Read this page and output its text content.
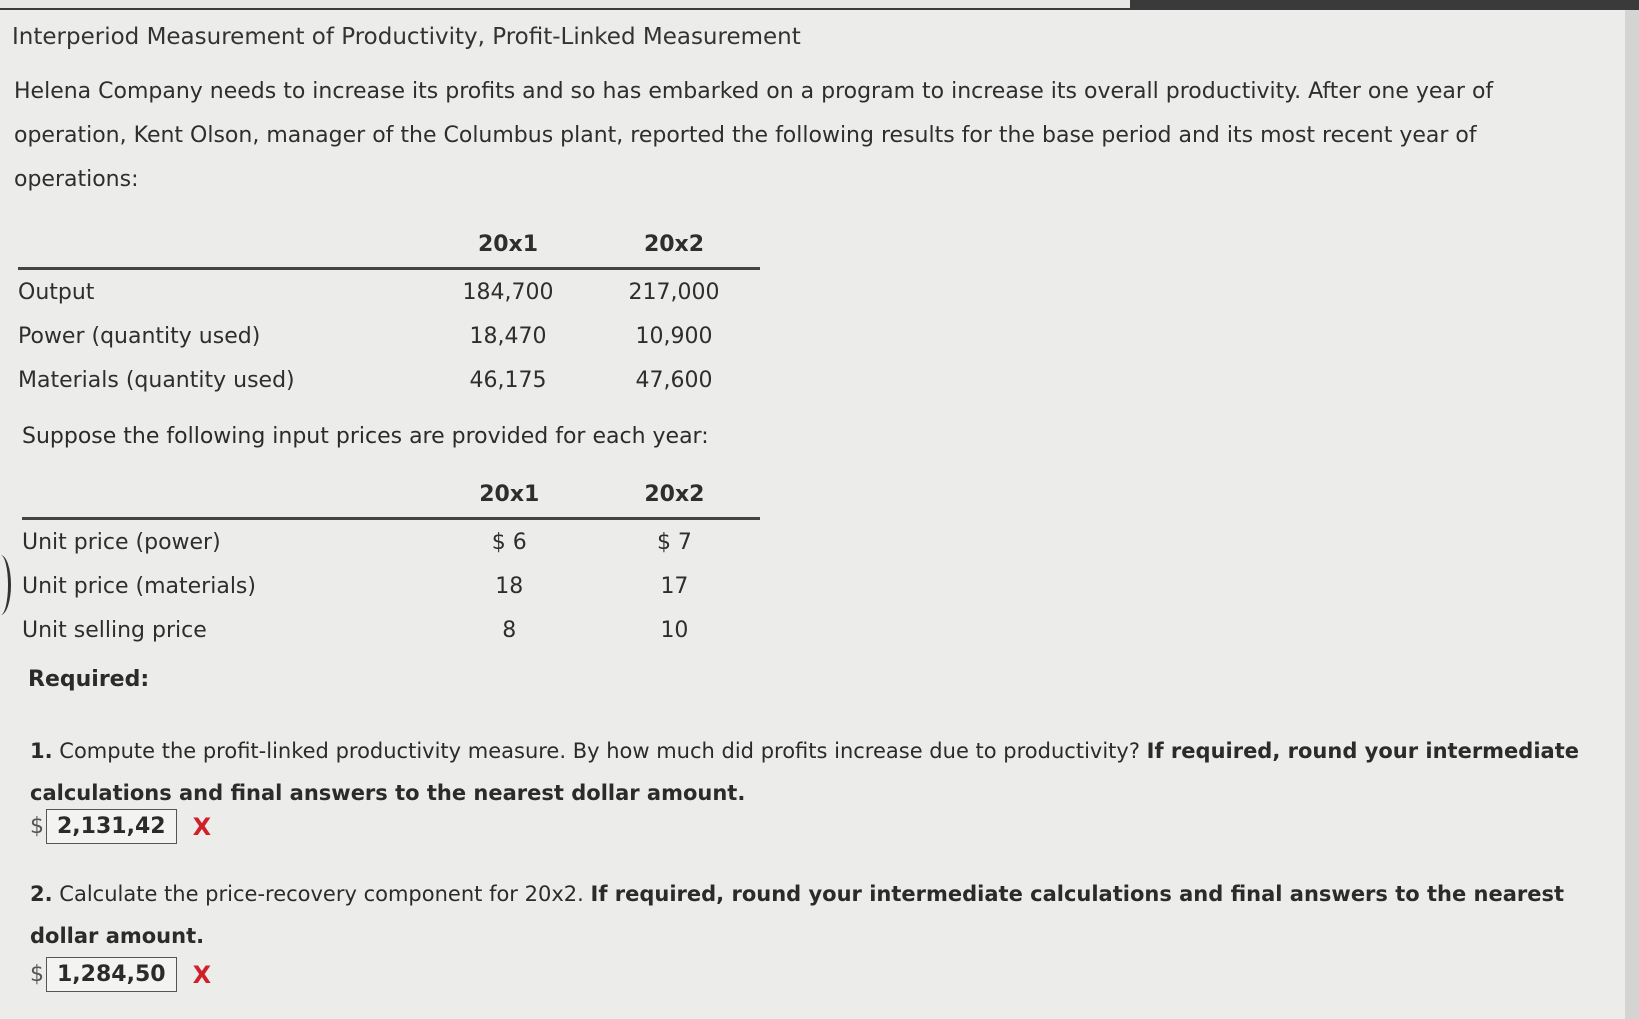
Interperiod Measurement of Productivity, Profit-Linked Measurement
Helena Company needs to increase its profits and so has embarked on a program to increase its overall productivity. After one year of operation, Kent Olson, manager of the Columbus plant, reported the following results for the base period and its most recent year of operations:
	20x1	20x2
Output	184,700	217,000
Power (quantity used)	18,470	10,900
Materials (quantity used)	46,175	47,600
Suppose the following input prices are provided for each year:
	20x1	20x2
Unit price (power)	$ 6	$ 7
Unit price (materials)	18	17
Unit selling price	8	10
Required:
1. Compute the profit-linked productivity measure. By how much did profits increase due to productivity? If required, round your intermediate calculations and final answers to the nearest dollar amount.
$ 2,131,42	X
2. Calculate the price-recovery component for 20x2. If required, round your intermediate calculations and final answers to the nearest dollar amount.
$ 1,284,50	X
